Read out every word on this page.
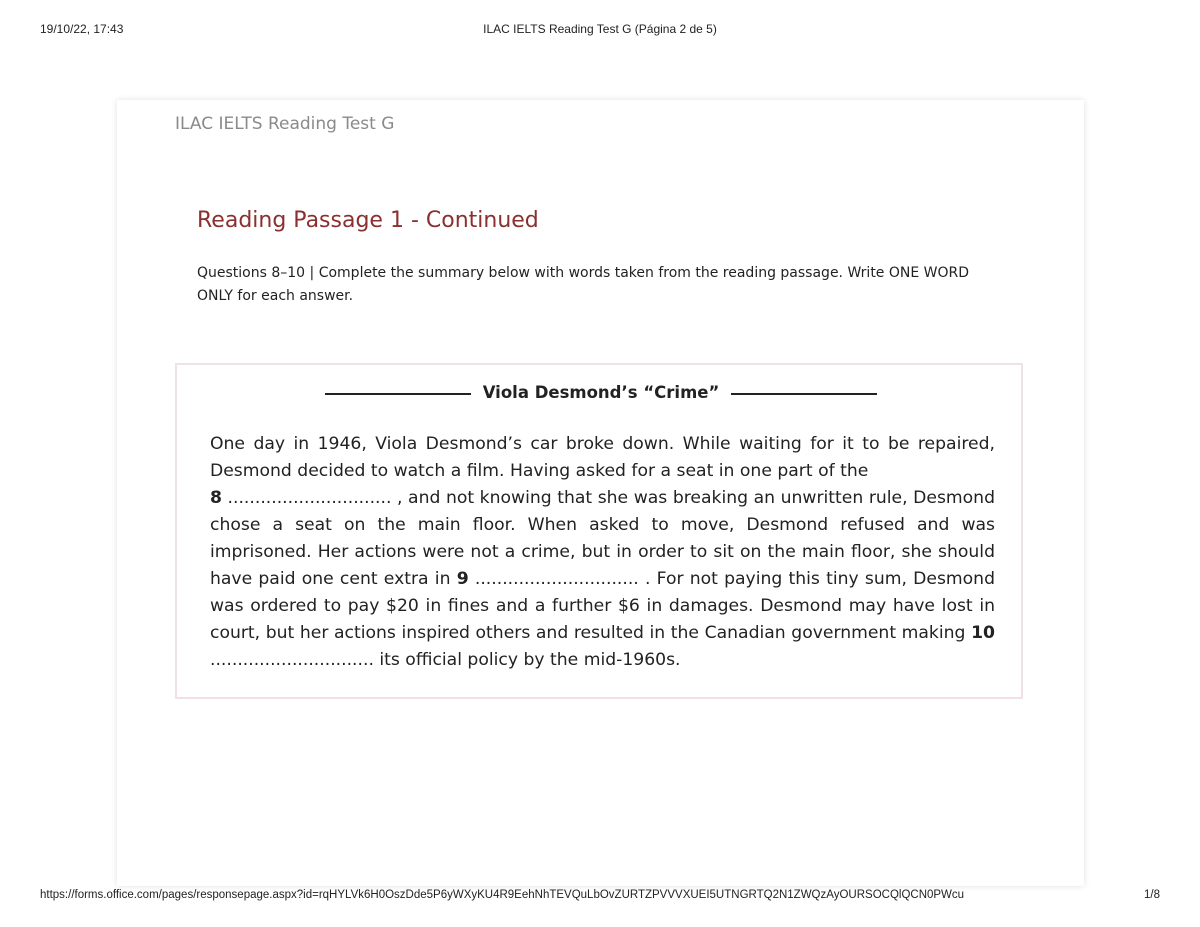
19/10/22, 17:43	ILAC IELTS Reading Test G (Página 2 de 5)
ILAC IELTS Reading Test G
Reading Passage 1 - Continued
Questions 8–10 | Complete the summary below with words taken from the reading passage. Write ONE WORD ONLY for each answer.
Viola Desmond’s “Crime”
One day in 1946, Viola Desmond’s car broke down. While waiting for it to be repaired, Desmond decided to watch a film. Having asked for a seat in one part of the
8 .............................. , and not knowing that she was breaking an unwritten rule, Desmond chose a seat on the main floor. When asked to move, Desmond refused and was imprisoned. Her actions were not a crime, but in order to sit on the main floor, she should have paid one cent extra in 9 .............................. . For not paying this tiny sum, Desmond was ordered to pay $20 in fines and a further $6 in damages. Desmond may have lost in court, but her actions inspired others and resulted in the Canadian government making 10 .............................. its official policy by the mid-1960s.
https://forms.office.com/pages/responsepage.aspx?id=rqHYLVk6H0OszDde5P6yWXyKU4R9EehNhTEVQuLbOvZURTZPVVVXUEI5UTNGRTQ2N1ZWQzAyOURSOCQlQCN0PWcu	1/8
